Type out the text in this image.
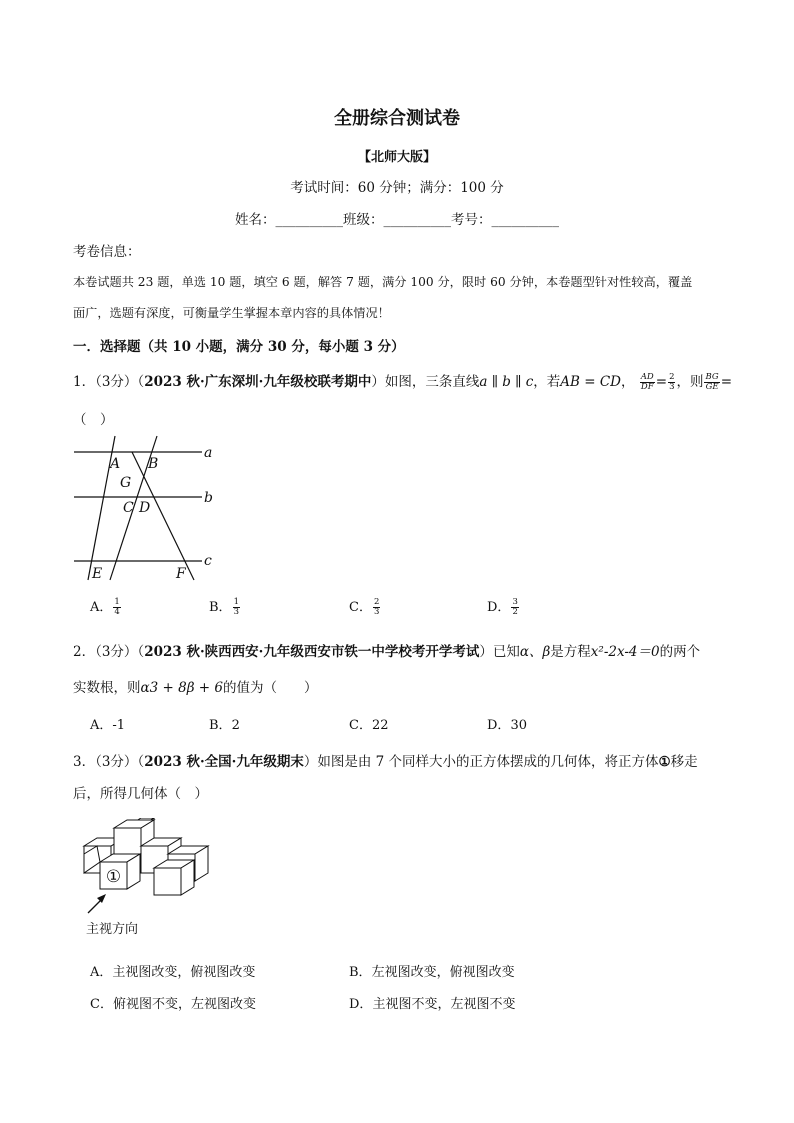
全册综合测试卷
【北师大版】
考试时间：60 分钟；满分：100 分
姓名：__________班级：__________考号：__________
考卷信息：
本卷试题共 23 题，单选 10 题，填空 6 题，解答 7 题，满分 100 分，限时 60 分钟，本卷题型针对性较高，覆盖
面广，选题有深度，可衡量学生掌握本章内容的具体情况！
一．选择题（共 10 小题，满分 30 分，每小题 3 分）
1．（3分）（2023 秋·广东深圳·九年级校联考期中）如图，三条直线a ∥ b ∥ c，若AB = CD， $\frac{AD}{DF} = \frac{2}{3}$ ，则 $\frac{BG}{GE}$ =
（　）
a
b
c
A B
G
C D
E	F
A． $\frac{1}{4}$	B． $\frac{1}{3}$	C． $\frac{2}{3}$	D． $\frac{3}{2}$
2．（3分）（2023 秋·陕西西安·九年级西安市铁一中学校考开学考试）已知α、β是方程x²-2x-4＝0的两个
实数根，则α3 + 8β + 6的值为（　　）
A．-1	B．2	C．22	D．30
3．（3分）（2023 秋·全国·九年级期末）如图是由 7 个同样大小的正方体摆成的几何体，将正方体①移走
后，所得几何体（　）
①
主视方向
A．主视图改变，俯视图改变	B．左视图改变，俯视图改变
C．俯视图不变，左视图改变	D．主视图不变，左视图不变
